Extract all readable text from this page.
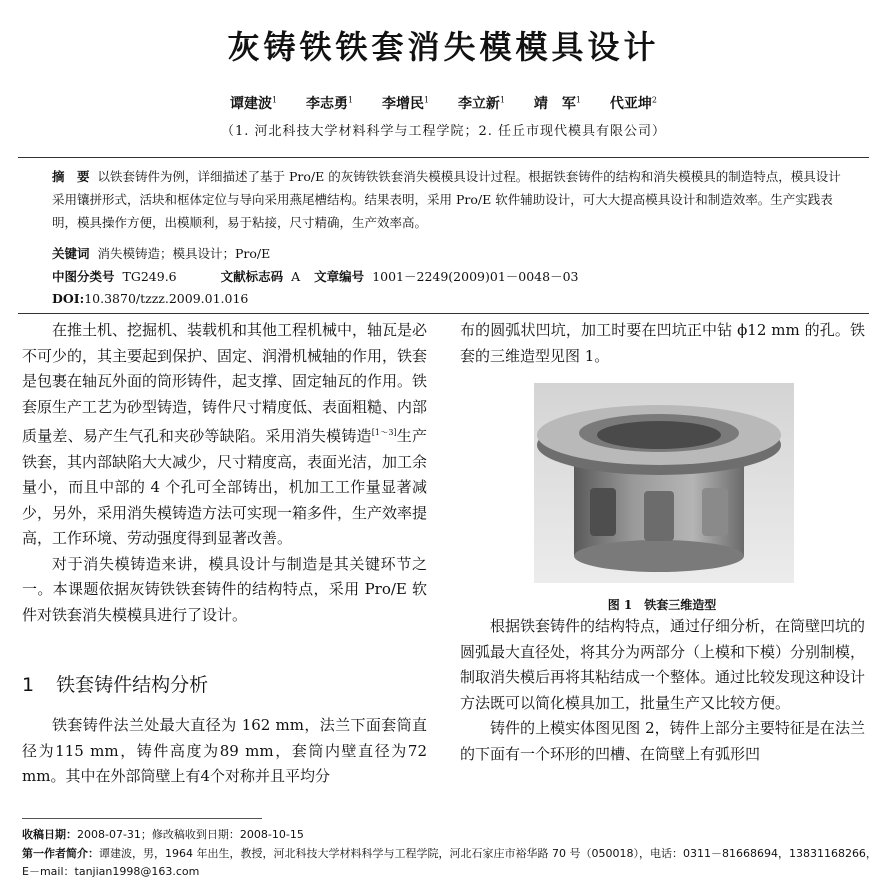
灰铸铁铁套消失模模具设计
谭建波$^1$ 李志勇$^1$ 李增民$^1$ 李立新$^1$ 靖　军$^1$ 代亚坤$^2$
（1. 河北科技大学材料科学与工程学院；2. 任丘市现代模具有限公司）
摘　要 以铁套铸件为例，详细描述了基于 Pro/E 的灰铸铁铁套消失模模具设计过程。根据铁套铸件的结构和消失模模具的制造特点，模具设计采用镶拼形式，活块和框体定位与导向采用燕尾槽结构。结果表明，采用 Pro/E 软件辅助设计，可大大提高模具设计和制造效率。生产实践表明，模具操作方便，出模顺利，易于粘接，尺寸精确，生产效率高。
关键词 消失模铸造；模具设计；Pro/E
中图分类号 TG249.6	文献标志码 A 文章编号 1001－2249(2009)01－0048－03
DOI:10.3870/tzzz.2009.01.016

在推土机、挖掘机、装载机和其他工程机械中，轴瓦是必不可少的，其主要起到保护、固定、润滑机械轴的作用，铁套是包裹在轴瓦外面的筒形铸件，起支撑、固定轴瓦的作用。铁套原生产工艺为砂型铸造，铸件尺寸精度低、表面粗糙、内部质量差、易产生气孔和夹砂等缺陷。采用消失模铸造[1～3]生产铁套，其内部缺陷大大减少，尺寸精度高，表面光洁，加工余量小，而且中部的 4 个孔可全部铸出，机加工工作量显著减少，另外，采用消失模铸造方法可实现一箱多件，生产效率提高，工作环境、劳动强度得到显著改善。

对于消失模铸造来讲，模具设计与制造是其关键环节之一。本课题依据灰铸铁铁套铸件的结构特点，采用 Pro/E 软件对铁套消失模模具进行了设计。

1 铁套铸件结构分析

铁套铸件法兰处最大直径为 162 mm，法兰下面套筒直径为115 mm，铸件高度为89 mm，套筒内壁直径为72 mm。其中在外部筒壁上有4个对称并且平均分

布的圆弧状凹坑，加工时要在凹坑正中钻 ϕ12 mm 的孔。铁套的三维造型见图 1。

图 1　铁套三维造型

根据铁套铸件的结构特点，通过仔细分析，在筒壁凹坑的圆弧最大直径处，将其分为两部分（上模和下模）分别制模，制取消失模后再将其粘结成一个整体。通过比较发现这种设计方法既可以简化模具加工，批量生产又比较方便。

铸件的上模实体图见图 2，铸件上部分主要特征是在法兰的下面有一个环形的凹槽、在筒壁上有弧形凹

收稿日期：2008-07-31；修改稿收到日期：2008-10-15
第一作者简介：谭建波，男，1964 年出生，教授，河北科技大学材料科学与工程学院，河北石家庄市裕华路 70 号（050018），电话：0311－81668694，13831168266，E－mail：tanjian1998@163.com
